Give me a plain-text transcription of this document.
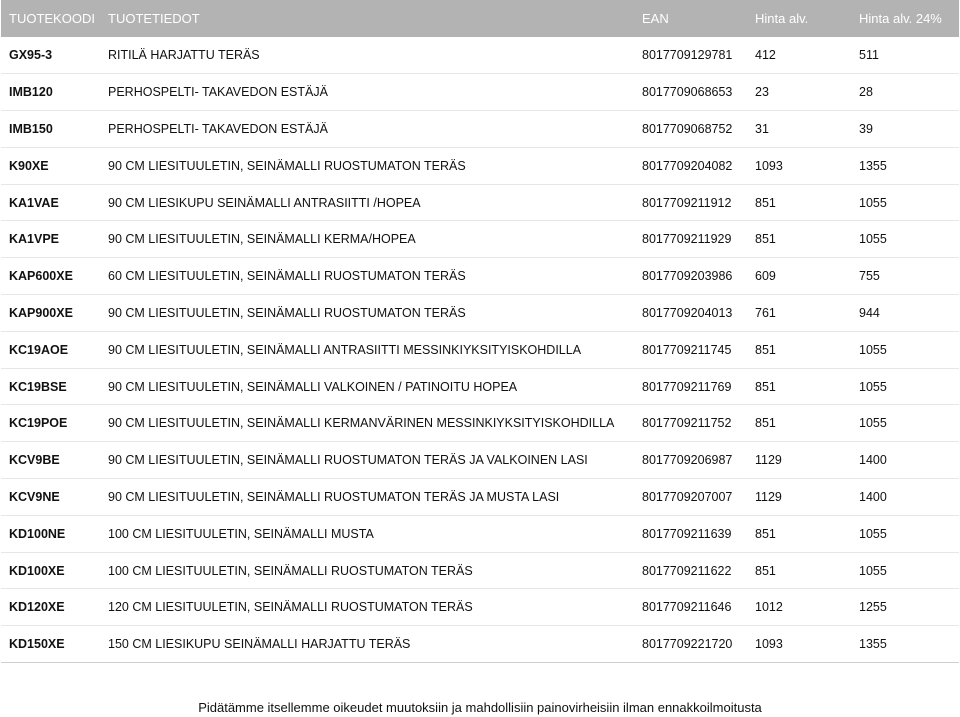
TUOTEKOODI	TUOTETIEDOT	EAN	Hinta alv.	Hinta alv. 24%
GX95-3	RITILÄ HARJATTU TERÄS	8017709129781	412	511
IMB120	PERHOSPELTI- TAKAVEDON ESTÄJÄ	8017709068653	23	28
IMB150	PERHOSPELTI- TAKAVEDON ESTÄJÄ	8017709068752	31	39
K90XE	90 CM LIESITUULETIN, SEINÄMALLI RUOSTUMATON TERÄS	8017709204082	1093	1355
KA1VAE	90 CM LIESIKUPU SEINÄMALLI ANTRASIITTI /HOPEA	8017709211912	851	1055
KA1VPE	90 CM LIESITUULETIN, SEINÄMALLI KERMA/HOPEA	8017709211929	851	1055
KAP600XE	60 CM LIESITUULETIN, SEINÄMALLI RUOSTUMATON TERÄS	8017709203986	609	755
KAP900XE	90 CM LIESITUULETIN, SEINÄMALLI RUOSTUMATON TERÄS	8017709204013	761	944
KC19AOE	90 CM LIESITUULETIN, SEINÄMALLI ANTRASIITTI MESSINKIYKSITYISKOHDILLA	8017709211745	851	1055
KC19BSE	90 CM LIESITUULETIN, SEINÄMALLI VALKOINEN / PATINOITU HOPEA	8017709211769	851	1055
KC19POE	90 CM LIESITUULETIN, SEINÄMALLI KERMANVÄRINEN MESSINKIYKSITYISKOHDILLA	8017709211752	851	1055
KCV9BE	90 CM LIESITUULETIN, SEINÄMALLI RUOSTUMATON TERÄS JA VALKOINEN LASI	8017709206987	1129	1400
KCV9NE	90 CM LIESITUULETIN, SEINÄMALLI RUOSTUMATON TERÄS JA MUSTA LASI	8017709207007	1129	1400
KD100NE	100 CM LIESITUULETIN, SEINÄMALLI MUSTA	8017709211639	851	1055
KD100XE	100 CM LIESITUULETIN, SEINÄMALLI RUOSTUMATON TERÄS	8017709211622	851	1055
KD120XE	120 CM LIESITUULETIN, SEINÄMALLI RUOSTUMATON TERÄS	8017709211646	1012	1255
KD150XE	150 CM LIESIKUPU SEINÄMALLI HARJATTU TERÄS	8017709221720	1093	1355
Pidätämme itsellemme oikeudet muutoksiin ja mahdollisiin painovirheisiin ilman ennakkoilmoitusta
